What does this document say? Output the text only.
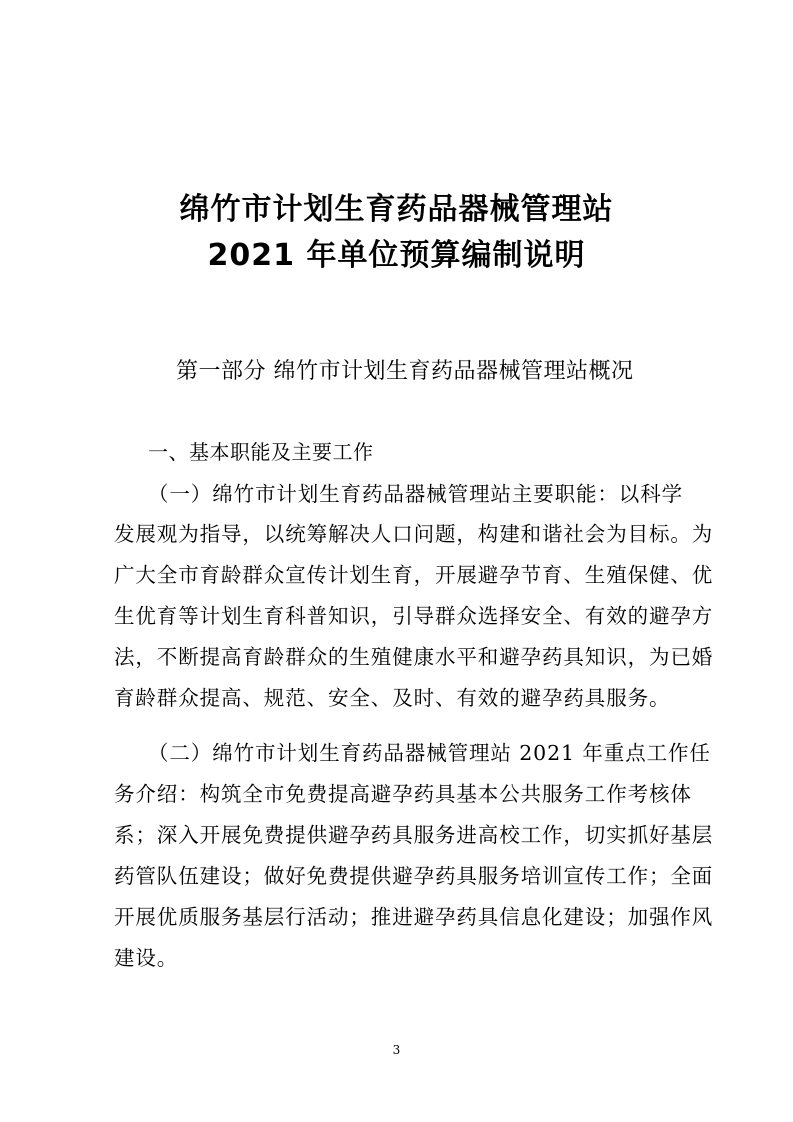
绵竹市计划生育药品器械管理站
2021 年单位预算编制说明
第一部分 绵竹市计划生育药品器械管理站概况
一、基本职能及主要工作
（一）绵竹市计划生育药品器械管理站主要职能：以科学
发展观为指导，以统筹解决人口问题，构建和谐社会为目标。为
广大全市育龄群众宣传计划生育，开展避孕节育、生殖保健、优
生优育等计划生育科普知识，引导群众选择安全、有效的避孕方
法，不断提高育龄群众的生殖健康水平和避孕药具知识，为已婚
育龄群众提高、规范、安全、及时、有效的避孕药具服务。
（二）绵竹市计划生育药品器械管理站 2021 年重点工作任
务介绍：构筑全市免费提高避孕药具基本公共服务工作考核体
系；深入开展免费提供避孕药具服务进高校工作，切实抓好基层
药管队伍建设；做好免费提供避孕药具服务培训宣传工作；全面
开展优质服务基层行活动；推进避孕药具信息化建设；加强作风
建设。
3
